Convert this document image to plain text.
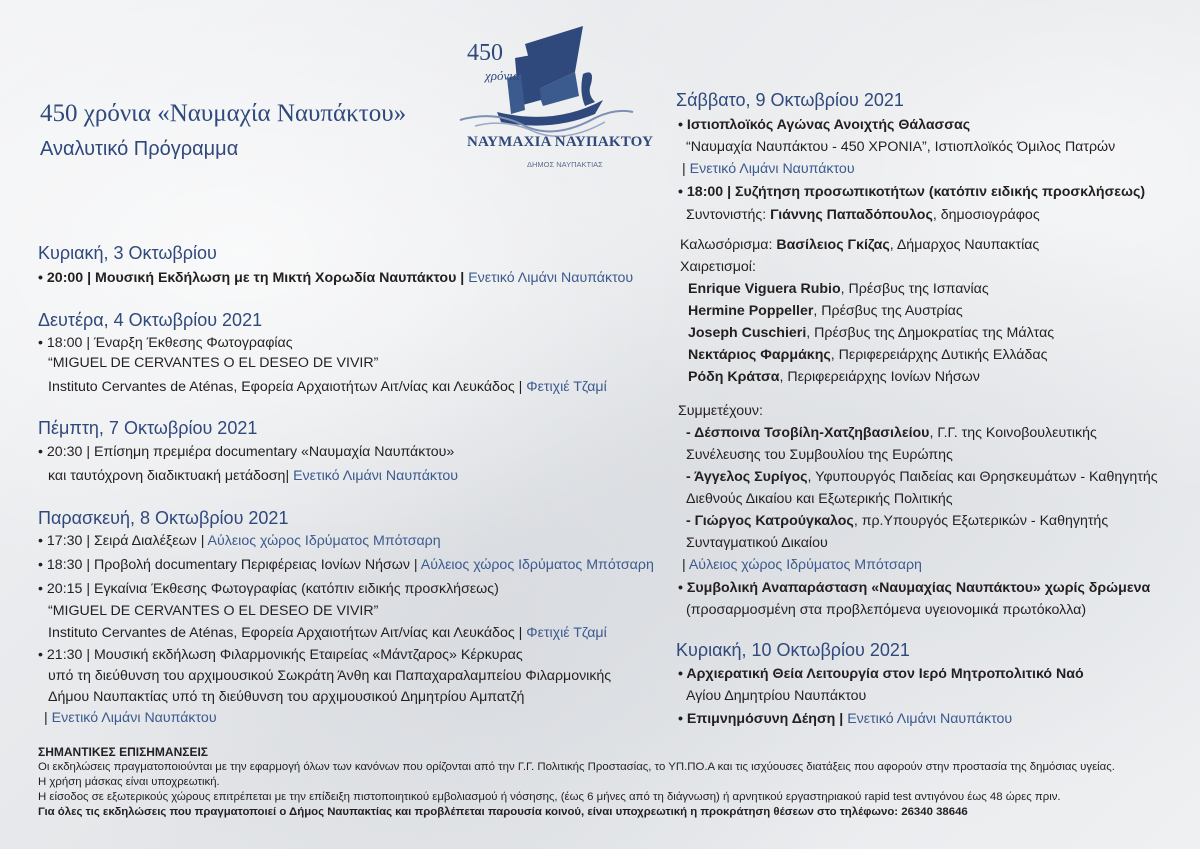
450 χρόνια «Ναυμαχία Ναυπάκτου»
Αναλυτικό Πρόγραμμα
450
χρόνια
ΝΑΥΜΑΧΙΑ ΝΑΥΠΑΚΤΟΥ
ΔΗΜΟΣ ΝΑΥΠΑΚΤΙΑΣ
Κυριακή, 3 Οκτωβρίου
• 20:00 | Μουσική Εκδήλωση με τη Μικτή Χορωδία Ναυπάκτου | Ενετικό Λιμάνι Ναυπάκτου
Δευτέρα, 4 Οκτωβρίου 2021
• 18:00 | Έναρξη Έκθεσης Φωτογραφίας
“MIGUEL DE CERVANTES O EL DESEO DE VIVIR”
Instituto Cervantes de Aténas, Εφορεία Αρχαιοτήτων Αιτ/νίας και Λευκάδος | Φετιχιέ Τζαμί
Πέμπτη, 7 Οκτωβρίου 2021
• 20:30 | Επίσημη πρεμιέρα documentary «Ναυμαχία Ναυπάκτου»
και ταυτόχρονη διαδικτυακή μετάδοση| Ενετικό Λιμάνι Ναυπάκτου
Παρασκευή, 8 Οκτωβρίου 2021
• 17:30 | Σειρά Διαλέξεων | Αύλειος χώρος Ιδρύματος Μπότσαρη
• 18:30 | Προβολή documentary Περιφέρειας Ιονίων Νήσων | Αύλειος χώρος Ιδρύματος Μπότσαρη
• 20:15 | Εγκαίνια Έκθεσης Φωτογραφίας (κατόπιν ειδικής προσκλήσεως)
“MIGUEL DE CERVANTES O EL DESEO DE VIVIR”
Instituto Cervantes de Aténas, Εφορεία Αρχαιοτήτων Αιτ/νίας και Λευκάδος | Φετιχιέ Τζαμί
• 21:30 | Μουσική εκδήλωση Φιλαρμονικής Εταιρείας «Μάντζαρος» Κέρκυρας
υπό τη διεύθυνση του αρχιμουσικού Σωκράτη Άνθη και Παπαχαραλαμπείου Φιλαρμονικής
Δήμου Ναυπακτίας υπό τη διεύθυνση του αρχιμουσικού Δημητρίου Αμπατζή
| Ενετικό Λιμάνι Ναυπάκτου
Σάββατο, 9 Οκτωβρίου 2021
• Ιστιοπλοϊκός Αγώνας Ανοιχτής Θάλασσας
“Ναυμαχία Ναυπάκτου - 450 ΧΡΟΝΙΑ”, Ιστιοπλοϊκός Όμιλος Πατρών
| Ενετικό Λιμάνι Ναυπάκτου
• 18:00 | Συζήτηση προσωπικοτήτων (κατόπιν ειδικής προσκλήσεως)
Συντονιστής: Γιάννης Παπαδόπουλος, δημοσιογράφος
Καλωσόρισμα: Βασίλειος Γκίζας, Δήμαρχος Ναυπακτίας
Χαιρετισμοί:
Enrique Viguera Rubio, Πρέσβυς της Ισπανίας
Hermine Poppeller, Πρέσβυς της Αυστρίας
Joseph Cuschieri, Πρέσβυς της Δημοκρατίας της Μάλτας
Νεκτάριος Φαρμάκης, Περιφερειάρχης Δυτικής Ελλάδας
Ρόδη Κράτσα, Περιφερειάρχης Ιονίων Νήσων
Συμμετέχουν:
- Δέσποινα Τσοβίλη-Χατζηβασιλείου, Γ.Γ. της Κοινοβουλευτικής
Συνέλευσης του Συμβουλίου της Ευρώπης
- Άγγελος Συρίγος, Υφυπουργός Παιδείας και Θρησκευμάτων - Καθηγητής
Διεθνούς Δικαίου και Εξωτερικής Πολιτικής
- Γιώργος Κατρούγκαλος, πρ.Υπουργός Εξωτερικών - Καθηγητής
Συνταγματικού Δικαίου
| Αύλειος χώρος Ιδρύματος Μπότσαρη
• Συμβολική Αναπαράσταση «Ναυμαχίας Ναυπάκτου» χωρίς δρώμενα
(προσαρμοσμένη στα προβλεπόμενα υγειονομικά πρωτόκολλα)
Κυριακή, 10 Οκτωβρίου 2021
• Αρχιερατική Θεία Λειτουργία στον Ιερό Μητροπολιτικό Ναό
Αγίου Δημητρίου Ναυπάκτου
• Επιμνημόσυνη Δέηση | Ενετικό Λιμάνι Ναυπάκτου
ΣΗΜΑΝΤΙΚΕΣ ΕΠΙΣΗΜΑΝΣΕΙΣ
Οι εκδηλώσεις πραγματοποιούνται με την εφαρμογή όλων των κανόνων που ορίζονται από την Γ.Γ. Πολιτικής Προστασίας, το ΥΠ.ΠΟ.Α και τις ισχύουσες διατάξεις που αφορούν στην προστασία της δημόσιας υγείας.
Η χρήση μάσκας είναι υποχρεωτική.
Η είσοδος σε εξωτερικούς χώρους επιτρέπεται με την επίδειξη πιστοποιητικού εμβολιασμού ή νόσησης, (έως 6 μήνες από τη διάγνωση) ή αρνητικού εργαστηριακού rapid test αντιγόνου έως 48 ώρες πριν.
Για όλες τις εκδηλώσεις που πραγματοποιεί ο Δήμος Ναυπακτίας και προβλέπεται παρουσία κοινού, είναι υποχρεωτική η προκράτηση θέσεων στο τηλέφωνο: 26340 38646
